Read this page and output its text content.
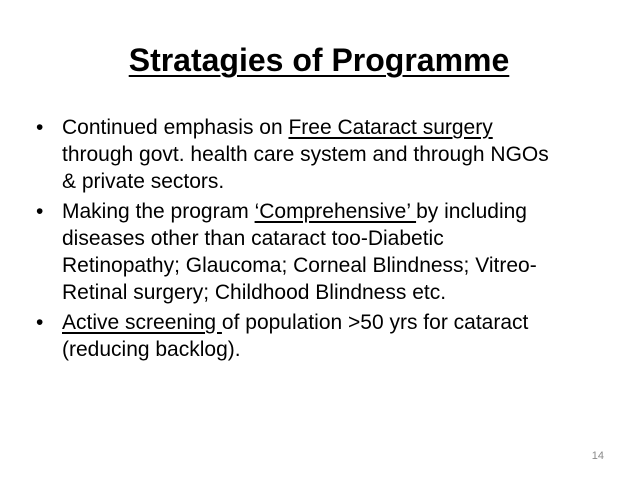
Stratagies of Programme
• Continued emphasis on Free Cataract surgery through govt. health care system and through NGOs & private sectors.
• Making the program ‘Comprehensive’ by including diseases other than cataract too-Diabetic Retinopathy; Glaucoma; Corneal Blindness; Vitreo-Retinal surgery; Childhood Blindness etc.
• Active screening of population >50 yrs for cataract (reducing backlog).
14
